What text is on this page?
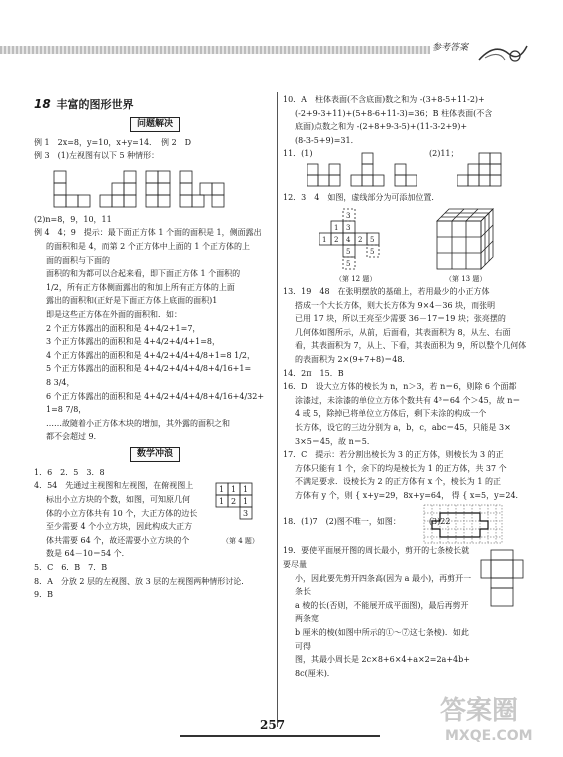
参考答案
18 丰富的图形世界
问题解决

例 1　2x=8，y=10，x+y=14．　例 2　D

例 3　(1)左视图有以下 5 种情形：

(2)n=8，9，10，11

例 4　4；9　提示：最下面正方体 1 个面的面积是 1，侧面露出

的面积和是 4，而第 2 个正方体中上面的 1 个正方体的上

面的面积与下面的

面积的和为都可以合起来看，即下面正方体 1 个面积的

1/2，所有正方体侧面露出的和加上所有正方体的上面

露出的面积和(正好是下面正方体上底面的面积)1

即是这些正方体在外面的面积和．如：

2 个正方体露出的面积和是 4+4/2+1=7，

3 个正方体露出的面积和是 4+4/2+4/4+1=8，

4 个正方体露出的面积和是 4+4/2+4/4+4/8+1=8 1/2，

5 个正方体露出的面积和是 4+4/2+4/4+4/8+4/16+1=

8 3/4，

6 个正方体露出的面积和是 4+4/2+4/4+4/8+4/16+4/32+

1=8 7/8，

……故随着小正方体木块的增加，其外露的面积之和

都不会超过 9．

数学冲浪

1．6　2．5　3．8

4．54　先通过主视图和左视图，在俯视图上

标出小立方块的个数，如图，可知原几何

体的小立方体共有 10 个，大正方体的边长

至少需要 4 个小立方块，因此构成大正方

体共需要 64 个，故还需要小立方块的个

数是 64－10＝54 个．

1 1 1
1 2 1
3
（第 4 题）

5．C　6．B　7．B

8．A　分放 2 层的左视图、放 3 层的左视图两种情形讨论．

9．B

10．A　柱体表面(不含底面)数之和为 -(3+8-5+11-2)+

(-2+9-3+11)+(5+8-6+11-3)=36；B 柱体表面(不含

底面)点数之和为 -(2+8+9-3-5)+(11-3-2+9)+

(8-3-5+9)=31．

11．(1)	(2)11；

12．3　4　如图，虚线部分为可添加位置．

3
1 3
1 2 4 2 5
5	5
5
（第 12 题）	（第 13 题）

13．19　48　在张明摆放的基础上，若用最少的小正方体

搭成一个大长方体，则大长方体为 9×4－36 块，而张明

已用 17 块，所以王亮至少需要 36－17＝19 块；张亮摆的

几何体如图所示，从前，后面看，其表面积为 8，从左、右面

看，其表面积为 7，从上、下看，其表面积为 9，所以整个几何体

的表面积为 2×(9+7+8)＝48．

14．2π　15．B

16．D　设大立方体的棱长为 n，n＞3，若 n＝6，则除 6 个面都

涂漆过，未涂漆的单位立方体个数共有 4³＝64 个＞45，故 n＝

4 或 5，除掉已将单位立方体后，剩下未涂的构成一个

长方体，设它的三边分别为 a，b，c，abc＝45，只能是 3×

3×5＝45，故 n＝5．

17．C　提示：若分割出棱长为 3 的正方体，则棱长为 3 的正

方体只能有 1 个，余下的均是棱长为 1 的正方体，共 37 个

不满足要求．设棱长为 2 的正方体有 x 个，棱长为 1 的正

方体有 y 个，则 { x+y=29，8x+y=64， 得 { x=5，y=24．

18．(1)7　(2)图不唯一，如图：　　　　(3)22

19．要使平面展开图的周长最小，剪开的七条棱长就要尽量

小，因此要先剪开四条高(因为 a 最小)，再剪开一条长

a 棱的长(否则，不能展开成平面图)，最后再剪开两条宽

b 厘米的棱(如图中所示的①～⑦这七条棱)．如此可得

图，其最小周长是 2c×8+6×4+a×2=2a+4b+

8c(厘米)．

257	答案圈
MXQE.COM
